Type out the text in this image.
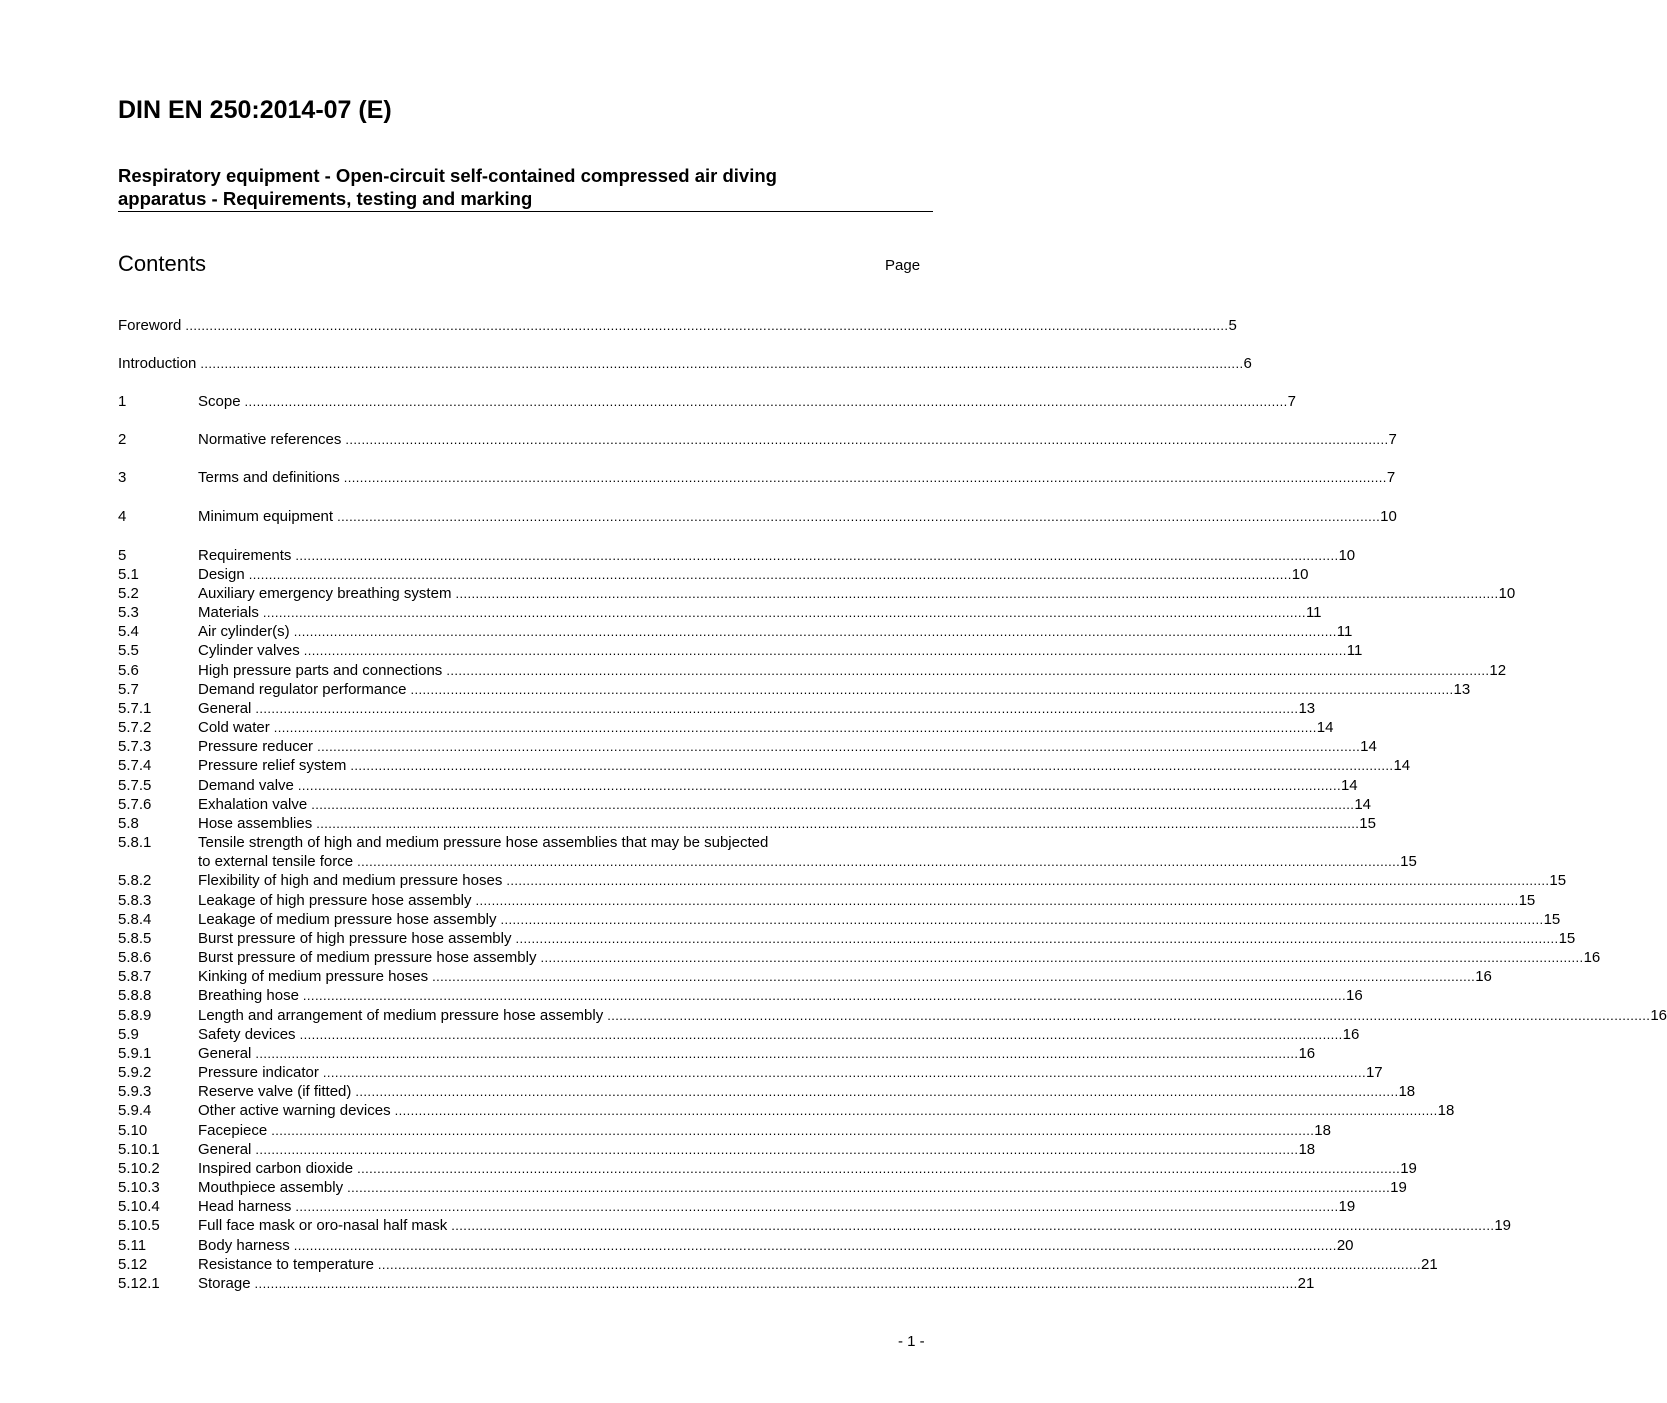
DIN EN 250:2014-07 (E)
Respiratory equipment - Open-circuit self-contained compressed air diving
apparatus - Requirements, testing and marking
Contents	Page
Foreword .................................................................................................................................................................................................................................................................... 5
Introduction .................................................................................................................................................................................................................................................................... 6
1	Scope .................................................................................................................................................................................................................................................................... 7
2	Normative references .................................................................................................................................................................................................................................................................... 7
3	Terms and definitions .................................................................................................................................................................................................................................................................... 7
4	Minimum equipment .................................................................................................................................................................................................................................................................... 10
5	Requirements .................................................................................................................................................................................................................................................................... 10
5.1	Design .................................................................................................................................................................................................................................................................... 10
5.2	Auxiliary emergency breathing system .................................................................................................................................................................................................................................................................... 10
5.3	Materials .................................................................................................................................................................................................................................................................... 11
5.4	Air cylinder(s) .................................................................................................................................................................................................................................................................... 11
5.5	Cylinder valves .................................................................................................................................................................................................................................................................... 11
5.6	High pressure parts and connections .................................................................................................................................................................................................................................................................... 12
5.7	Demand regulator performance .................................................................................................................................................................................................................................................................... 13
5.7.1	General .................................................................................................................................................................................................................................................................... 13
5.7.2	Cold water .................................................................................................................................................................................................................................................................... 14
5.7.3	Pressure reducer .................................................................................................................................................................................................................................................................... 14
5.7.4	Pressure relief system .................................................................................................................................................................................................................................................................... 14
5.7.5	Demand valve .................................................................................................................................................................................................................................................................... 14
5.7.6	Exhalation valve .................................................................................................................................................................................................................................................................... 14
5.8	Hose assemblies .................................................................................................................................................................................................................................................................... 15
5.8.1	Tensile strength of high and medium pressure hose assemblies that may be subjected
to external tensile force .................................................................................................................................................................................................................................................................... 15
5.8.2	Flexibility of high and medium pressure hoses .................................................................................................................................................................................................................................................................... 15
5.8.3	Leakage of high pressure hose assembly .................................................................................................................................................................................................................................................................... 15
5.8.4	Leakage of medium pressure hose assembly .................................................................................................................................................................................................................................................................... 15
5.8.5	Burst pressure of high pressure hose assembly .................................................................................................................................................................................................................................................................... 15
5.8.6	Burst pressure of medium pressure hose assembly .................................................................................................................................................................................................................................................................... 16
5.8.7	Kinking of medium pressure hoses .................................................................................................................................................................................................................................................................... 16
5.8.8	Breathing hose .................................................................................................................................................................................................................................................................... 16
5.8.9	Length and arrangement of medium pressure hose assembly .................................................................................................................................................................................................................................................................... 16
5.9	Safety devices .................................................................................................................................................................................................................................................................... 16
5.9.1	General .................................................................................................................................................................................................................................................................... 16
5.9.2	Pressure indicator .................................................................................................................................................................................................................................................................... 17
5.9.3	Reserve valve (if fitted) .................................................................................................................................................................................................................................................................... 18
5.9.4	Other active warning devices .................................................................................................................................................................................................................................................................... 18
5.10	Facepiece .................................................................................................................................................................................................................................................................... 18
5.10.1	General .................................................................................................................................................................................................................................................................... 18
5.10.2	Inspired carbon dioxide .................................................................................................................................................................................................................................................................... 19
5.10.3	Mouthpiece assembly .................................................................................................................................................................................................................................................................... 19
5.10.4	Head harness .................................................................................................................................................................................................................................................................... 19
5.10.5	Full face mask or oro-nasal half mask .................................................................................................................................................................................................................................................................... 19
5.11	Body harness .................................................................................................................................................................................................................................................................... 20
5.12	Resistance to temperature .................................................................................................................................................................................................................................................................... 21
5.12.1	Storage .................................................................................................................................................................................................................................................................... 21
- 1 -
